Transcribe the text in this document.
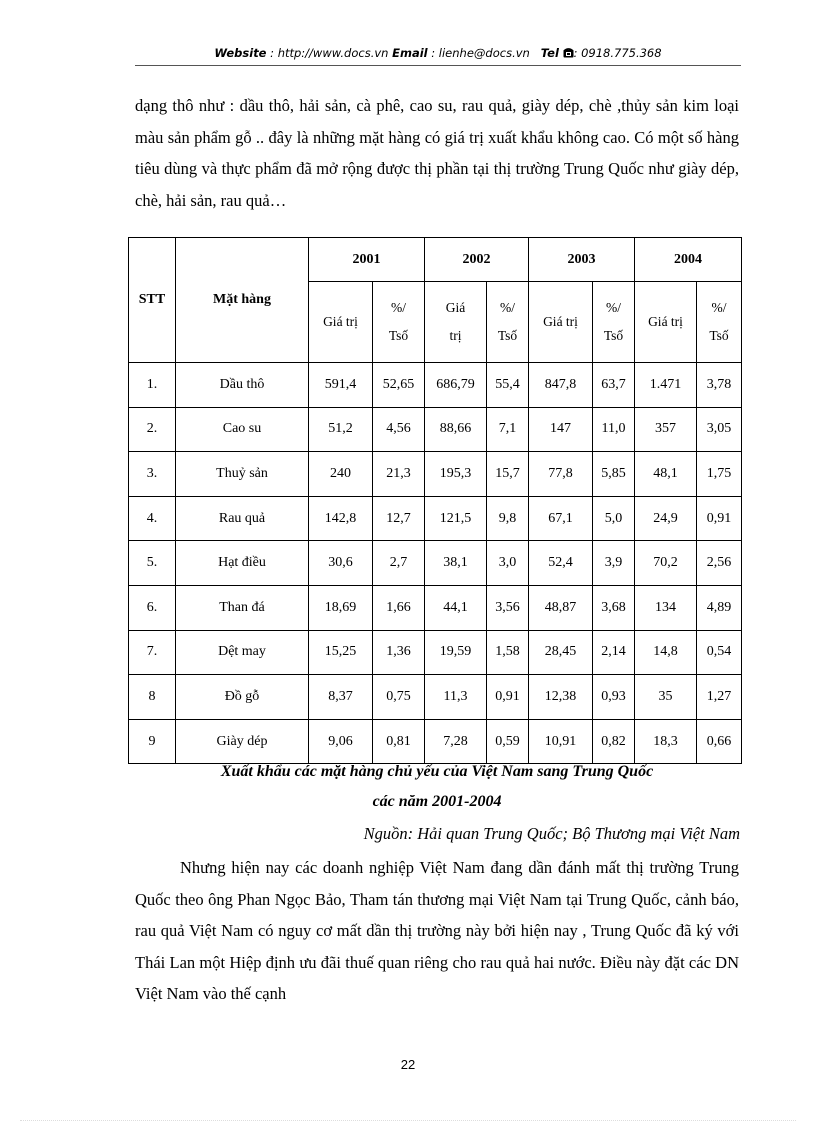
Website : http://www.docs.vn Email : lienhe@docs.vn Tel : 0918.775.368

dạng thô như : dầu thô, hải sản, cà phê, cao su, rau quả, giày dép, chè ,thủy sản kim loại màu sản phẩm gỗ .. đây là những mặt hàng có giá trị xuất khẩu không cao. Có một số hàng tiêu dùng và thực phẩm đã mở rộng được thị phần tại thị trường Trung Quốc như giày dép, chè, hải sản, rau quả…

STT	Mặt hàng	2001		2002		2003		2004	
		Giá trị	%/ Tsố	Giá trị	%/ Tsố	Giá trị	%/ Tsố	Giá trị	%/ Tsố
1.	Dầu thô	591,4	52,65	686,79	55,4	847,8	63,7	1.471	3,78
2.	Cao su	51,2	4,56	88,66	7,1	147	11,0	357	3,05
3.	Thuỷ sản	240	21,3	195,3	15,7	77,8	5,85	48,1	1,75
4.	Rau quả	142,8	12,7	121,5	9,8	67,1	5,0	24,9	0,91
5.	Hạt điều	30,6	2,7	38,1	3,0	52,4	3,9	70,2	2,56
6.	Than đá	18,69	1,66	44,1	3,56	48,87	3,68	134	4,89
7.	Dệt may	15,25	1,36	19,59	1,58	28,45	2,14	14,8	0,54
8	Đồ gỗ	8,37	0,75	11,3	0,91	12,38	0,93	35	1,27
9	Giày dép	9,06	0,81	7,28	0,59	10,91	0,82	18,3	0,66

Xuất khẩu các mặt hàng chủ yếu của Việt Nam sang Trung Quốc

các năm 2001-2004

Nguồn: Hải quan Trung Quốc; Bộ Thương mại Việt Nam

Nhưng hiện nay các doanh nghiệp Việt Nam đang dần đánh mất thị trường Trung Quốc theo ông Phan Ngọc Bảo, Tham tán thương mại Việt Nam tại Trung Quốc, cảnh báo, rau quả Việt Nam có nguy cơ mất dần thị trường này bởi hiện nay , Trung Quốc đã ký với Thái Lan một Hiệp định ưu đãi thuế quan riêng cho rau quả hai nước. Điều này đặt các DN Việt Nam vào thế cạnh

22
